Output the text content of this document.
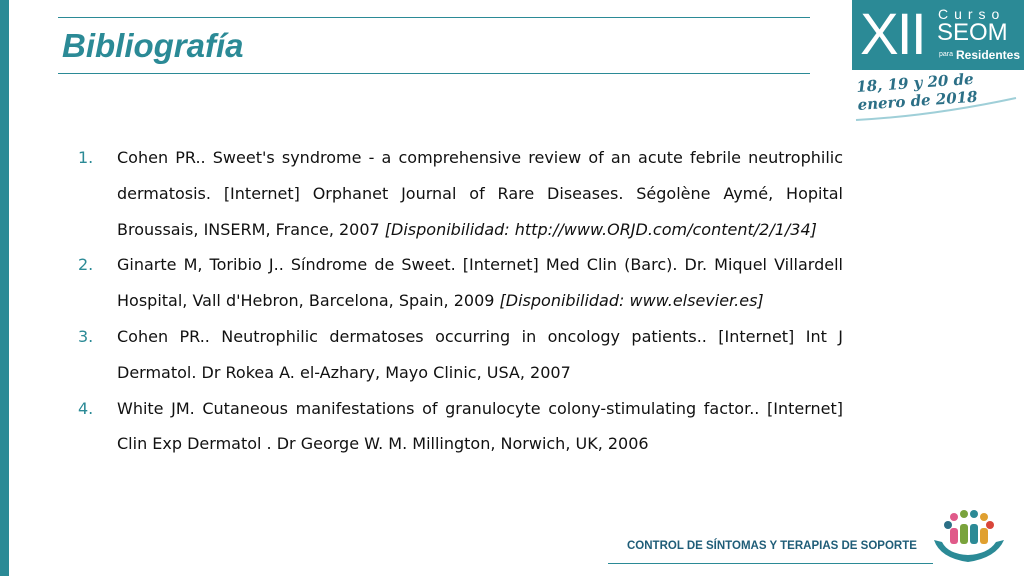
Bibliografía
1. Cohen PR.. Sweet's syndrome - a comprehensive review of an acute febrile neutrophilic dermatosis. [Internet] Orphanet Journal of Rare Diseases. Ségolène Aymé, Hopital Broussais, INSERM, France, 2007 [Disponibilidad: http://www.ORJD.com/content/2/1/34]
2. Ginarte M, Toribio J.. Síndrome de Sweet. [Internet] Med Clin (Barc). Dr. Miquel Villardell Hospital, Vall d'Hebron, Barcelona, Spain, 2009 [Disponibilidad: www.elsevier.es]
3. Cohen PR.. Neutrophilic dermatoses occurring in oncology patients.. [Internet] Int J Dermatol. Dr Rokea A. el-Azhary, Mayo Clinic, USA, 2007
4. White JM. Cutaneous manifestations of granulocyte colony-stimulating factor.. [Internet] Clin Exp Dermatol . Dr George W. M. Millington, Norwich, UK, 2006
XII Curso
SEOM
para Residentes
18, 19 y 20 de enero de 2018
CONTROL DE SÍNTOMAS Y TERAPIAS DE SOPORTE
